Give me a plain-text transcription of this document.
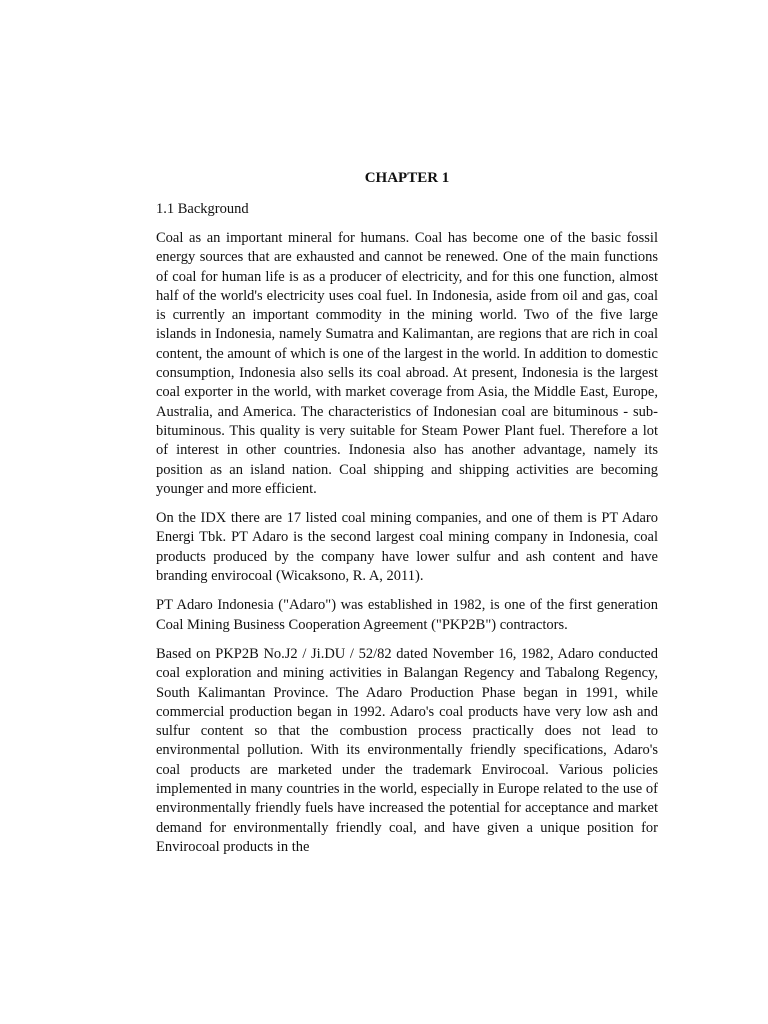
CHAPTER 1
1.1 Background

Coal as an important mineral for humans. Coal has become one of the basic fossil energy sources that are exhausted and cannot be renewed. One of the main functions of coal for human life is as a producer of electricity, and for this one function, almost half of the world's electricity uses coal fuel. In Indonesia, aside from oil and gas, coal is currently an important commodity in the mining world. Two of the five large islands in Indonesia, namely Sumatra and Kalimantan, are regions that are rich in coal content, the amount of which is one of the largest in the world. In addition to domestic consumption, Indonesia also sells its coal abroad. At present, Indonesia is the largest coal exporter in the world, with market coverage from Asia, the Middle East, Europe, Australia, and America. The characteristics of Indonesian coal are bituminous - sub-bituminous. This quality is very suitable for Steam Power Plant fuel. Therefore a lot of interest in other countries. Indonesia also has another advantage, namely its position as an island nation. Coal shipping and shipping activities are becoming younger and more efficient.

On the IDX there are 17 listed coal mining companies, and one of them is PT Adaro Energi Tbk. PT Adaro is the second largest coal mining company in Indonesia, coal products produced by the company have lower sulfur and ash content and have branding envirocoal (Wicaksono, R. A, 2011).

PT Adaro Indonesia ("Adaro") was established in 1982, is one of the first generation Coal Mining Business Cooperation Agreement ("PKP2B") contractors.

Based on PKP2B No.J2 / Ji.DU / 52/82 dated November 16, 1982, Adaro conducted coal exploration and mining activities in Balangan Regency and Tabalong Regency, South Kalimantan Province. The Adaro Production Phase began in 1991, while commercial production began in 1992. Adaro's coal products have very low ash and sulfur content so that the combustion process practically does not lead to environmental pollution. With its environmentally friendly specifications, Adaro's coal products are marketed under the trademark Envirocoal. Various policies implemented in many countries in the world, especially in Europe related to the use of environmentally friendly fuels have increased the potential for acceptance and market demand for environmentally friendly coal, and have given a unique position for Envirocoal products in the
